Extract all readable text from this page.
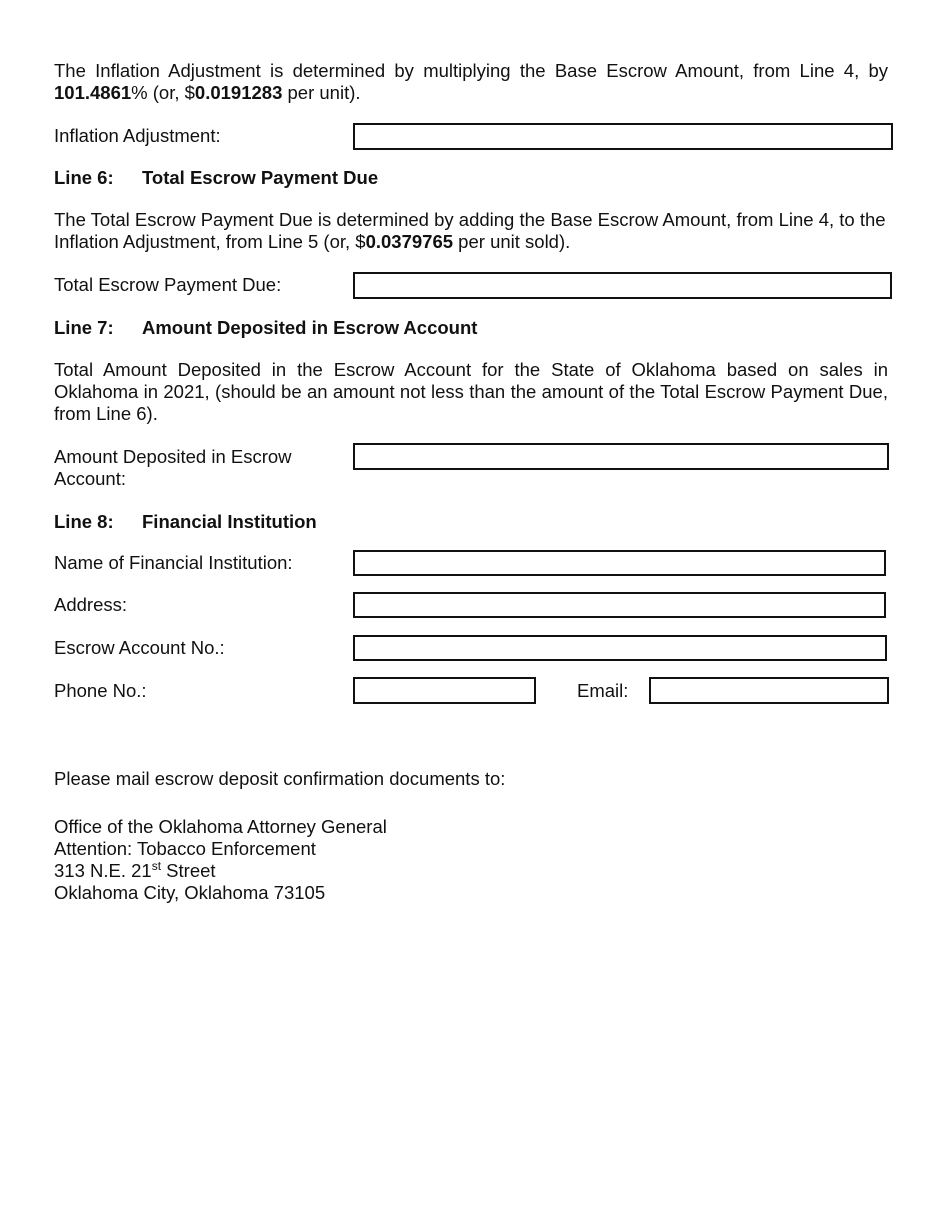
The Inflation Adjustment is determined by multiplying the Base Escrow Amount, from Line 4, by 101.4861% (or, $0.0191283 per unit).
Inflation Adjustment:
Line 6: Total Escrow Payment Due
The Total Escrow Payment Due is determined by adding the Base Escrow Amount, from Line 4, to the Inflation Adjustment, from Line 5 (or, $0.0379765 per unit sold).
Total Escrow Payment Due:
Line 7: Amount Deposited in Escrow Account
Total Amount Deposited in the Escrow Account for the State of Oklahoma based on sales in Oklahoma in 2021, (should be an amount not less than the amount of the Total Escrow Payment Due, from Line 6).
Amount Deposited in Escrow Account:
Line 8: Financial Institution
Name of Financial Institution:
Address:
Escrow Account No.:
Phone No.:	Email:
Please mail escrow deposit confirmation documents to:
Office of the Oklahoma Attorney General
Attention: Tobacco Enforcement
313 N.E. 21st Street
Oklahoma City, Oklahoma 73105
